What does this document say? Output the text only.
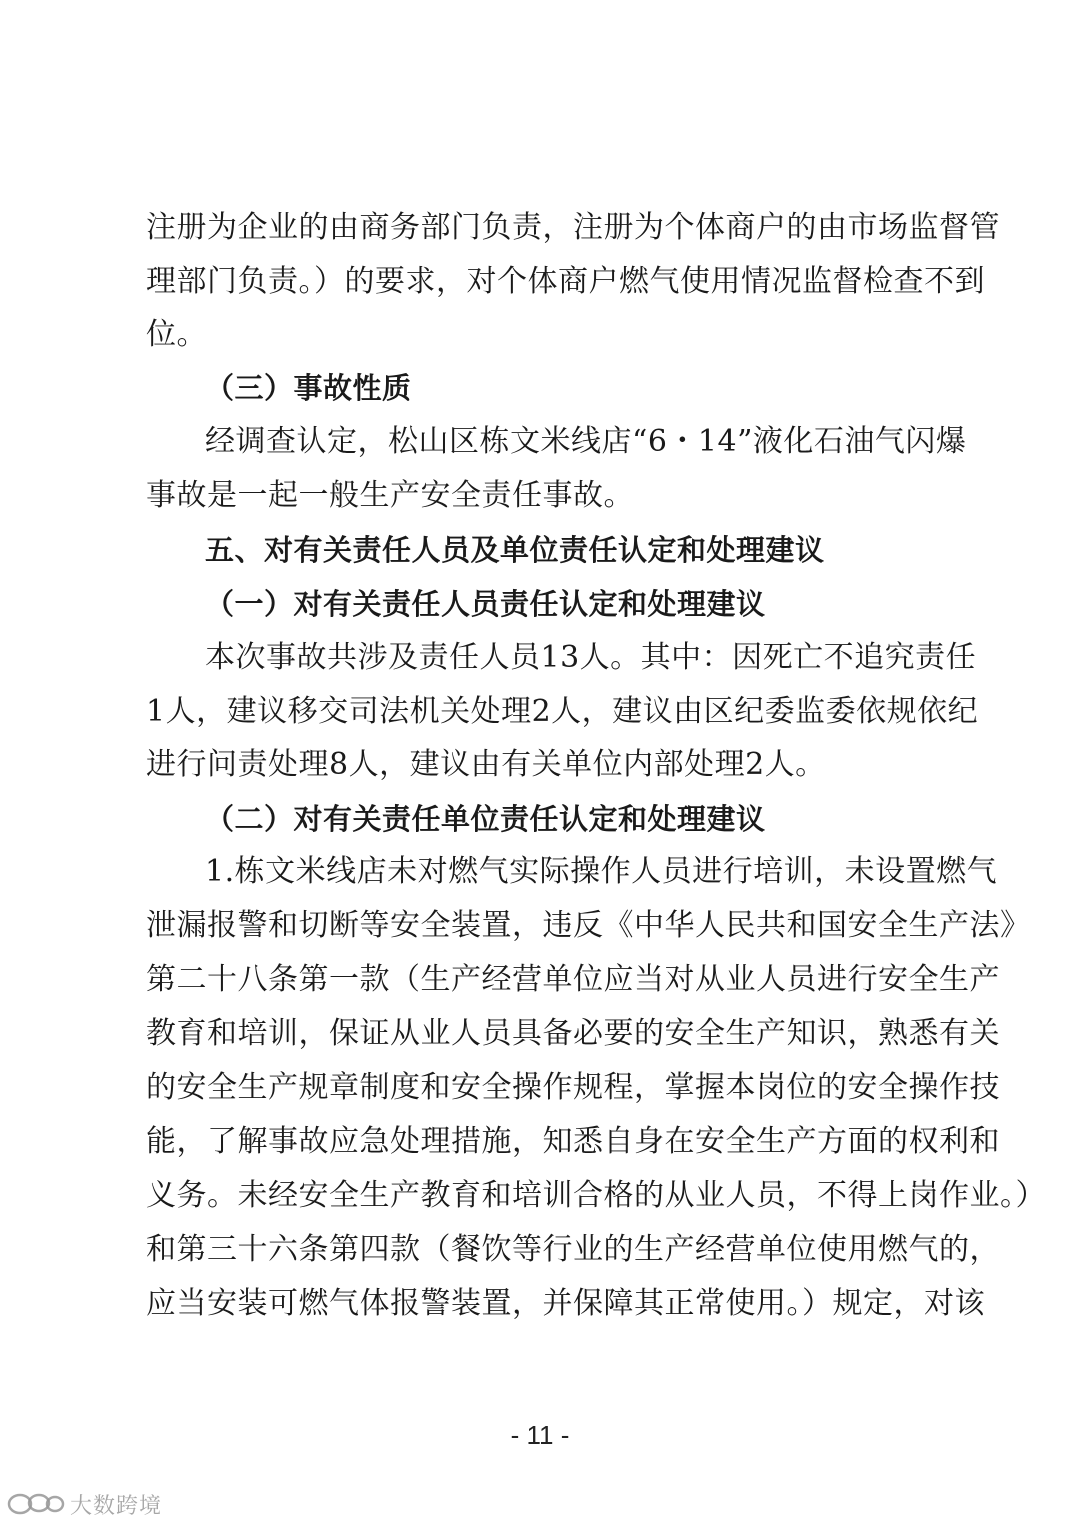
注册为企业的由商务部门负责，注册为个体商户的由市场监督管
理部门负责。）的要求，对个体商户燃气使用情况监督检查不到
位。
（三）事故性质
经调查认定，松山区栋文米线店“6・14”液化石油气闪爆
事故是一起一般生产安全责任事故。
五、对有关责任人员及单位责任认定和处理建议
（一）对有关责任人员责任认定和处理建议
本次事故共涉及责任人员13人。其中：因死亡不追究责任
1人，建议移交司法机关处理2人，建议由区纪委监委依规依纪
进行问责处理8人，建议由有关单位内部处理2人。
（二）对有关责任单位责任认定和处理建议
1.栋文米线店未对燃气实际操作人员进行培训，未设置燃气
泄漏报警和切断等安全装置，违反《中华人民共和国安全生产法》
第二十八条第一款（生产经营单位应当对从业人员进行安全生产
教育和培训，保证从业人员具备必要的安全生产知识，熟悉有关
的安全生产规章制度和安全操作规程，掌握本岗位的安全操作技
能，了解事故应急处理措施，知悉自身在安全生产方面的权利和
义务。未经安全生产教育和培训合格的从业人员，不得上岗作业。）
和第三十六条第四款（餐饮等行业的生产经营单位使用燃气的，
应当安装可燃气体报警装置，并保障其正常使用。）规定，对该
- 11 -
大数跨境
